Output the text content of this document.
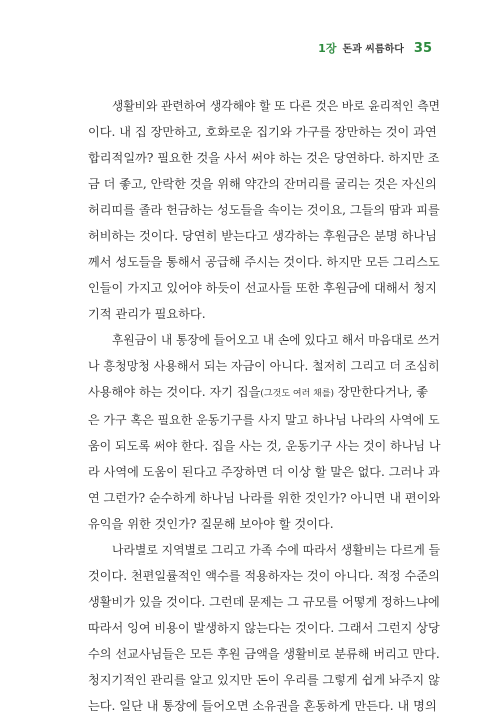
1장 돈과 씨름하다 35

생활비와 관련하여 생각해야 할 또 다른 것은 바로 윤리적인 측면
이다. 내 집 장만하고, 호화로운 집기와 가구를 장만하는 것이 과연
합리적일까? 필요한 것을 사서 써야 하는 것은 당연하다. 하지만 조
금 더 좋고, 안락한 것을 위해 약간의 잔머리를 굴리는 것은 자신의
허리띠를 졸라 헌금하는 성도들을 속이는 것이요, 그들의 땀과 피를
허비하는 것이다. 당연히 받는다고 생각하는 후원금은 분명 하나님
께서 성도들을 통해서 공급해 주시는 것이다. 하지만 모든 그리스도
인들이 가지고 있어야 하듯이 선교사들 또한 후원금에 대해서 청지
기적 관리가 필요하다.

후원금이 내 통장에 들어오고 내 손에 있다고 해서 마음대로 쓰거
나 흥청망청 사용해서 되는 자금이 아니다. 철저히 그리고 더 조심히
사용해야 하는 것이다. 자기 집을(그것도 여러 채를) 장만한다거나, 좋
은 가구 혹은 필요한 운동기구를 사지 말고 하나님 나라의 사역에 도
움이 되도록 써야 한다. 집을 사는 것, 운동기구 사는 것이 하나님 나
라 사역에 도움이 된다고 주장하면 더 이상 할 말은 없다. 그러나 과
연 그런가? 순수하게 하나님 나라를 위한 것인가? 아니면 내 편이와
유익을 위한 것인가? 질문해 보아야 할 것이다.

나라별로 지역별로 그리고 가족 수에 따라서 생활비는 다르게 들
것이다. 천편일률적인 액수를 적용하자는 것이 아니다. 적정 수준의
생활비가 있을 것이다. 그런데 문제는 그 규모를 어떻게 정하느냐에
따라서 잉여 비용이 발생하지 않는다는 것이다. 그래서 그런지 상당
수의 선교사님들은 모든 후원 금액을 생활비로 분류해 버리고 만다.
청지기적인 관리를 알고 있지만 돈이 우리를 그렇게 쉽게 놔주지 않
는다. 일단 내 통장에 들어오면 소유권을 혼동하게 만든다. 내 명의
